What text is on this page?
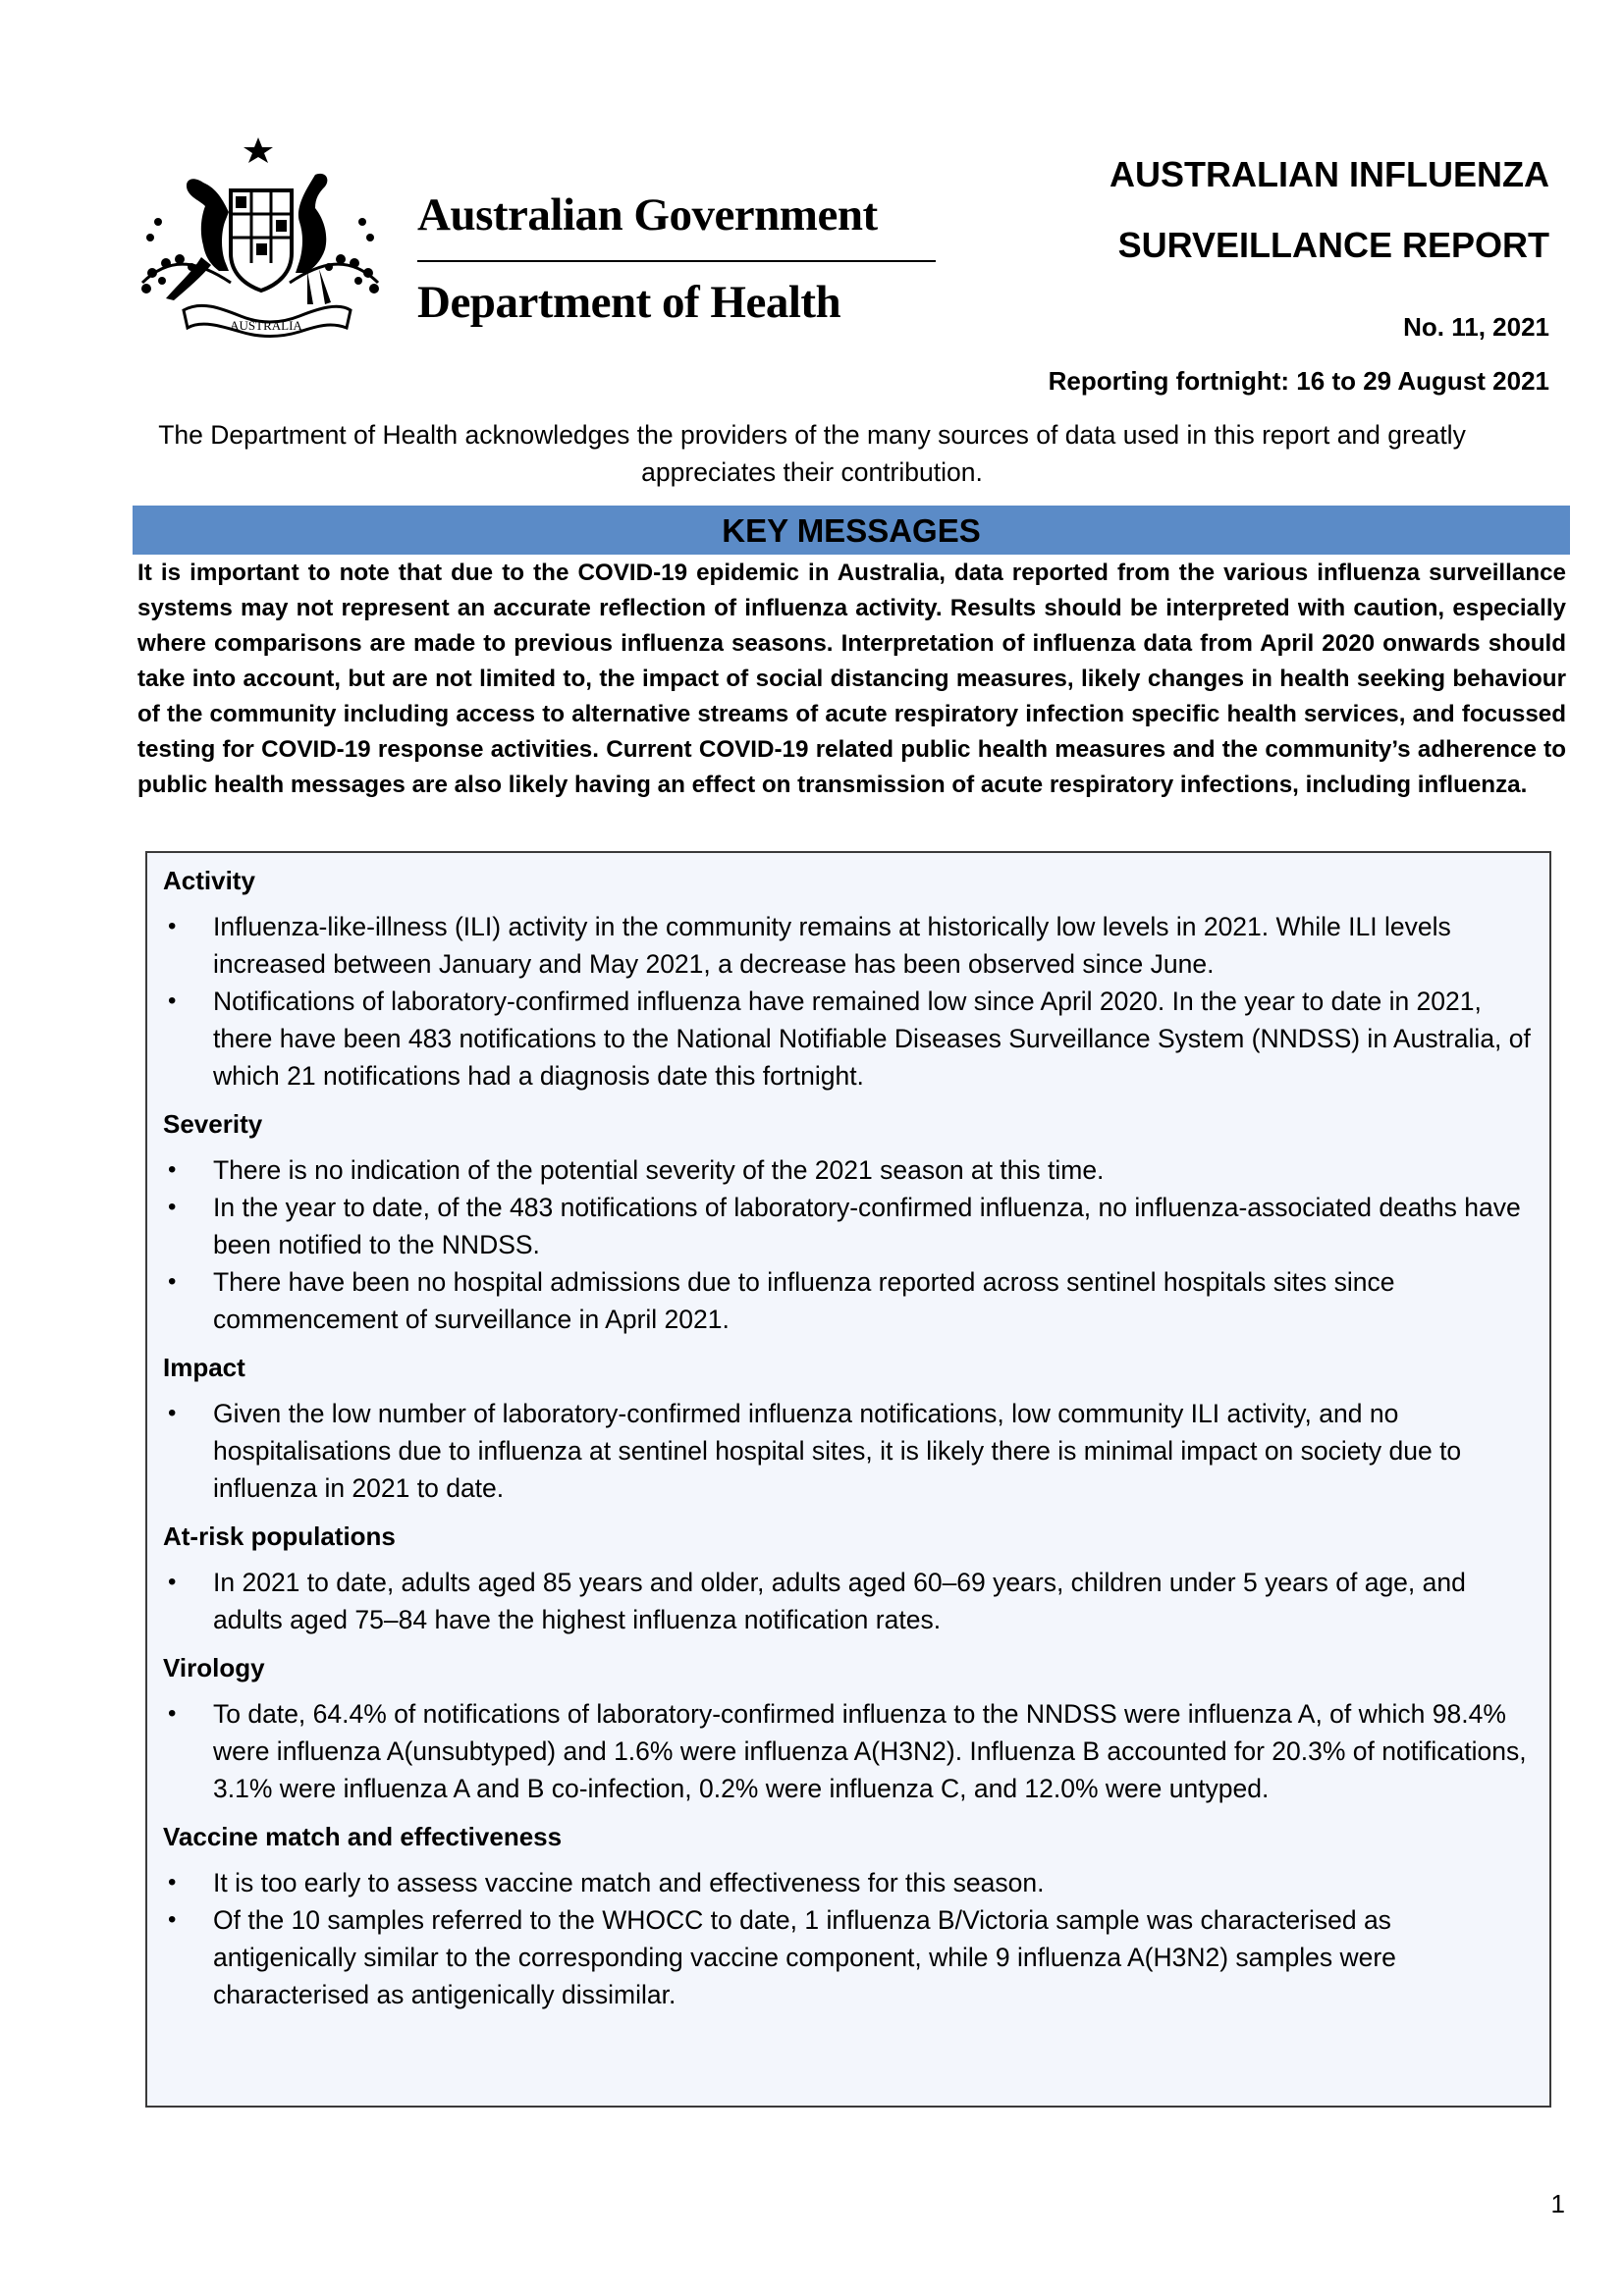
AUSTRALIA
Australian Government
Department of Health
AUSTRALIAN INFLUENZA
SURVEILLANCE REPORT
No. 11, 2021
Reporting fortnight: 16 to 29 August 2021
The Department of Health acknowledges the providers of the many sources of data used in this report and greatly appreciates their contribution.
KEY MESSAGES
It is important to note that due to the COVID-19 epidemic in Australia, data reported from the various influenza surveillance systems may not represent an accurate reflection of influenza activity. Results should be interpreted with caution, especially where comparisons are made to previous influenza seasons. Interpretation of influenza data from April 2020 onwards should take into account, but are not limited to, the impact of social distancing measures, likely changes in health seeking behaviour of the community including access to alternative streams of acute respiratory infection specific health services, and focussed testing for COVID-19 response activities. Current COVID-19 related public health measures and the community’s adherence to public health messages are also likely having an effect on transmission of acute respiratory infections, including influenza.
Activity
• Influenza-like-illness (ILI) activity in the community remains at historically low levels in 2021. While ILI levels increased between January and May 2021, a decrease has been observed since June.
• Notifications of laboratory-confirmed influenza have remained low since April 2020. In the year to date in 2021, there have been 483 notifications to the National Notifiable Diseases Surveillance System (NNDSS) in Australia, of which 21 notifications had a diagnosis date this fortnight.
Severity
• There is no indication of the potential severity of the 2021 season at this time.
• In the year to date, of the 483 notifications of laboratory-confirmed influenza, no influenza-associated deaths have been notified to the NNDSS.
• There have been no hospital admissions due to influenza reported across sentinel hospitals sites since commencement of surveillance in April 2021.
Impact
• Given the low number of laboratory-confirmed influenza notifications, low community ILI activity, and no hospitalisations due to influenza at sentinel hospital sites, it is likely there is minimal impact on society due to influenza in 2021 to date.
At-risk populations
• In 2021 to date, adults aged 85 years and older, adults aged 60–69 years, children under 5 years of age, and adults aged 75–84 have the highest influenza notification rates.
Virology
• To date, 64.4% of notifications of laboratory-confirmed influenza to the NNDSS were influenza A, of which 98.4% were influenza A(unsubtyped) and 1.6% were influenza A(H3N2). Influenza B accounted for 20.3% of notifications, 3.1% were influenza A and B co-infection, 0.2% were influenza C, and 12.0% were untyped.
Vaccine match and effectiveness
• It is too early to assess vaccine match and effectiveness for this season.
• Of the 10 samples referred to the WHOCC to date, 1 influenza B/Victoria sample was characterised as antigenically similar to the corresponding vaccine component, while 9 influenza A(H3N2) samples were characterised as antigenically dissimilar.
1
